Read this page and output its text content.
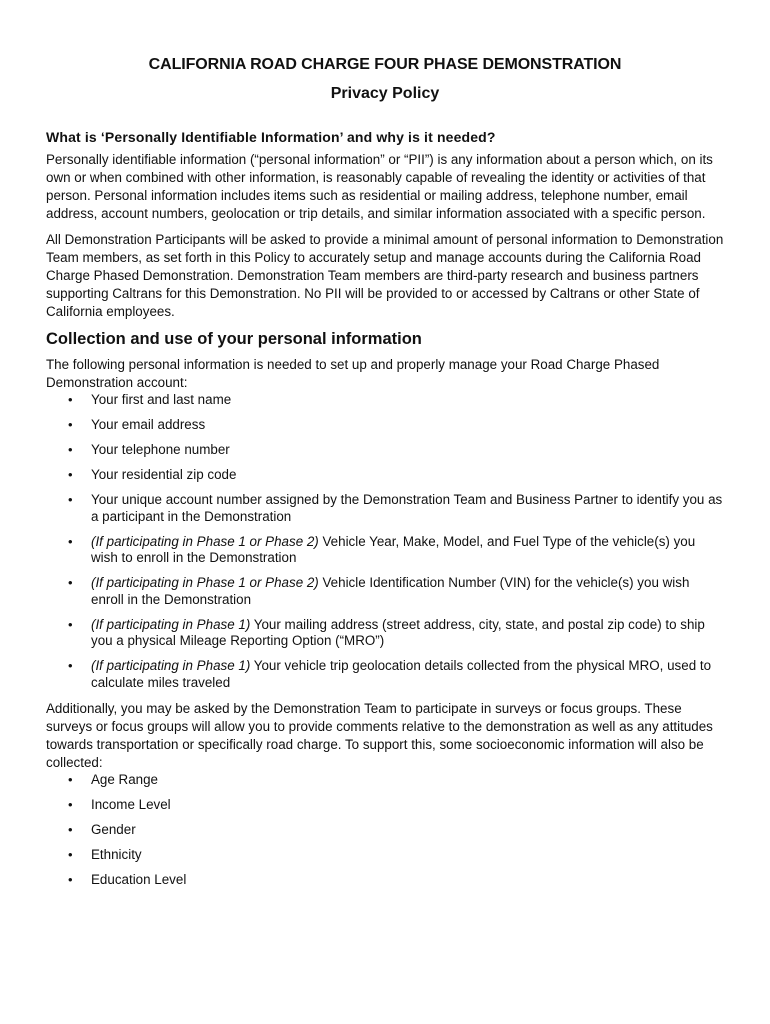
CALIFORNIA ROAD CHARGE FOUR PHASE DEMONSTRATION
Privacy Policy
What is ‘Personally Identifiable Information’ and why is it needed?

Personally identifiable information (“personal information” or “PII”) is any information about a person which, on its own or when combined with other information, is reasonably capable of revealing the identity or activities of that person. Personal information includes items such as residential or mailing address, telephone number, email address, account numbers, geolocation or trip details, and similar information associated with a specific person.

All Demonstration Participants will be asked to provide a minimal amount of personal information to Demonstration Team members, as set forth in this Policy to accurately setup and manage accounts during the California Road Charge Phased Demonstration. Demonstration Team members are third-party research and business partners supporting Caltrans for this Demonstration. No PII will be provided to or accessed by Caltrans or other State of California employees.

Collection and use of your personal information

The following personal information is needed to set up and properly manage your Road Charge Phased Demonstration account:

• Your first and last name
• Your email address
• Your telephone number
• Your residential zip code
• Your unique account number assigned by the Demonstration Team and Business Partner to identify you as a participant in the Demonstration
• (If participating in Phase 1 or Phase 2) Vehicle Year, Make, Model, and Fuel Type of the vehicle(s) you wish to enroll in the Demonstration
• (If participating in Phase 1 or Phase 2) Vehicle Identification Number (VIN) for the vehicle(s) you wish enroll in the Demonstration
• (If participating in Phase 1) Your mailing address (street address, city, state, and postal zip code) to ship you a physical Mileage Reporting Option (“MRO”)
• (If participating in Phase 1) Your vehicle trip geolocation details collected from the physical MRO, used to calculate miles traveled

Additionally, you may be asked by the Demonstration Team to participate in surveys or focus groups. These surveys or focus groups will allow you to provide comments relative to the demonstration as well as any attitudes towards transportation or specifically road charge. To support this, some socioeconomic information will also be collected:

• Age Range
• Income Level
• Gender
• Ethnicity
• Education Level
